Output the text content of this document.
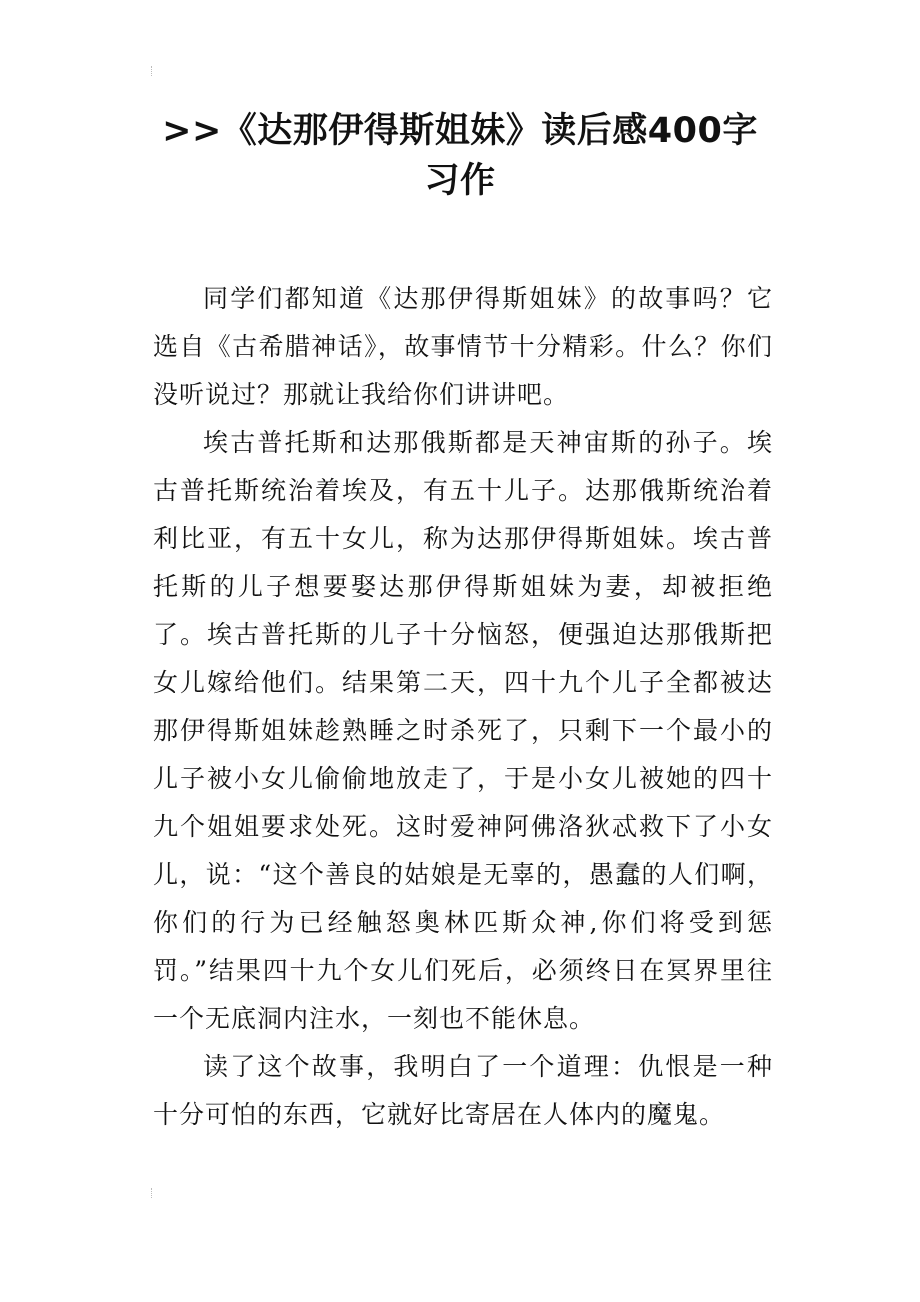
>>《达那伊得斯姐妹》读后感400字习作

同学们都知道《达那伊得斯姐妹》的故事吗？它选自《古希腊神话》，故事情节十分精彩。什么？你们没听说过？那就让我给你们讲讲吧。

埃古普托斯和达那俄斯都是天神宙斯的孙子。埃古普托斯统治着埃及，有五十儿子。达那俄斯统治着利比亚，有五十女儿，称为达那伊得斯姐妹。埃古普托斯的儿子想要娶达那伊得斯姐妹为妻，却被拒绝了。埃古普托斯的儿子十分恼怒，便强迫达那俄斯把女儿嫁给他们。结果第二天，四十九个儿子全都被达那伊得斯姐妹趁熟睡之时杀死了，只剩下一个最小的儿子被小女儿偷偷地放走了，于是小女儿被她的四十九个姐姐要求处死。这时爱神阿佛洛狄忒救下了小女儿，说：“这个善良的姑娘是无辜的，愚蠢的人们啊，你们的行为已经触怒奥林匹斯众神,你们将受到惩罚。”结果四十九个女儿们死后，必须终日在冥界里往一个无底洞内注水，一刻也不能休息。

读了这个故事，我明白了一个道理：仇恨是一种十分可怕的东西，它就好比寄居在人体内的魔鬼。
